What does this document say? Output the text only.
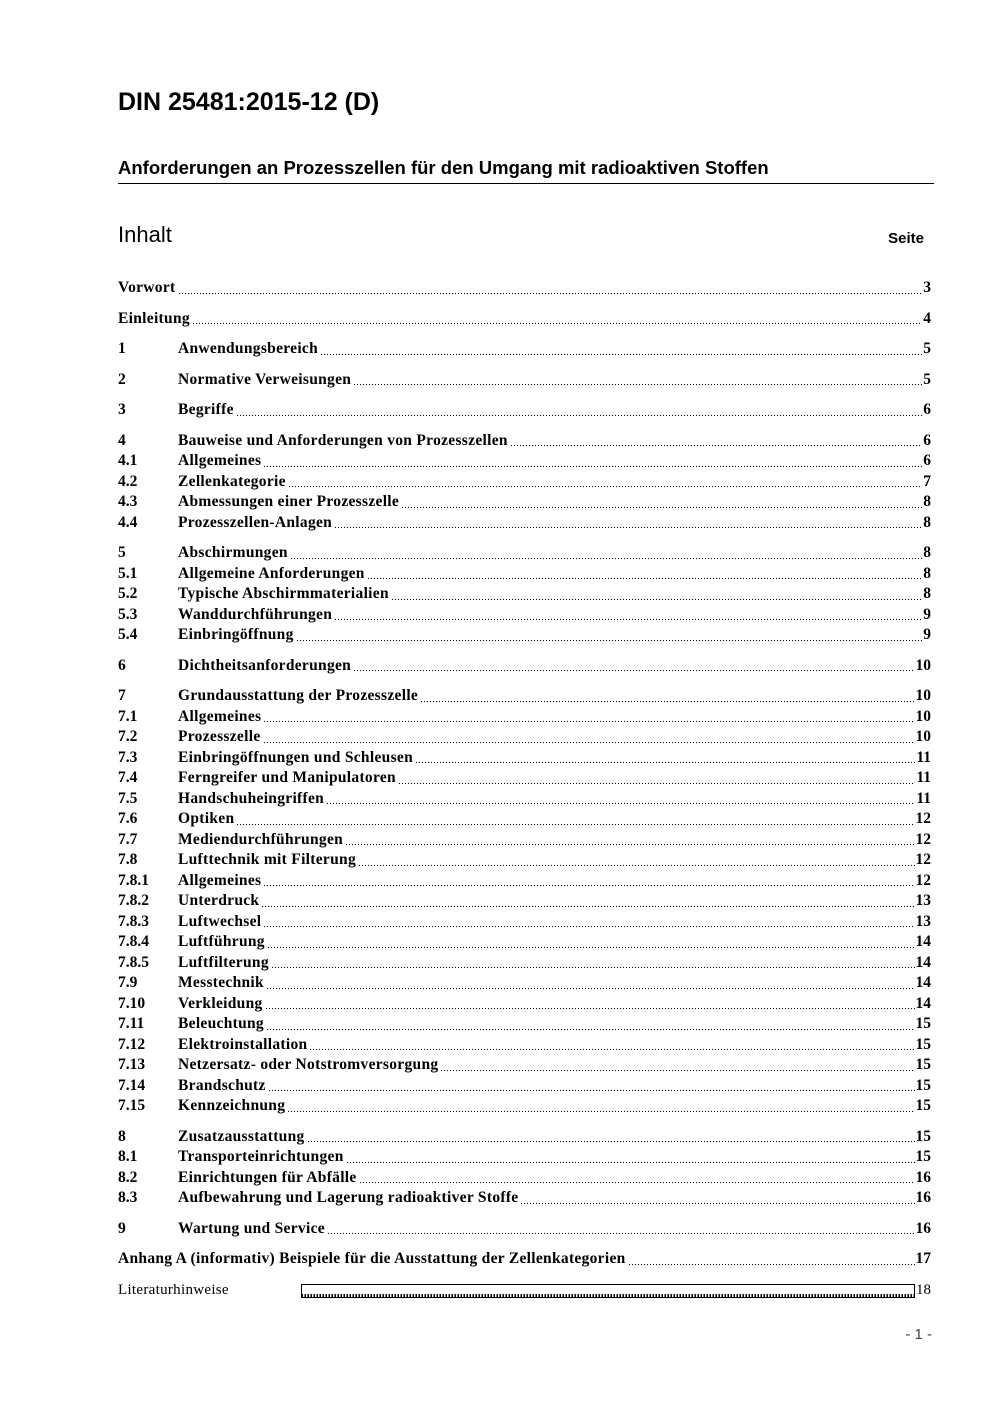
DIN 25481:2015-12 (D)
Anforderungen an Prozesszellen für den Umgang mit radioaktiven Stoffen
Inhalt	Seite
Vorwort	3
Einleitung	4
1	Anwendungsbereich	5
2	Normative Verweisungen	5
3	Begriffe	6
4	Bauweise und Anforderungen von Prozesszellen	6
4.1	Allgemeines	6
4.2	Zellenkategorie	7
4.3	Abmessungen einer Prozesszelle	8
4.4	Prozesszellen-Anlagen	8
5	Abschirmungen	8
5.1	Allgemeine Anforderungen	8
5.2	Typische Abschirmmaterialien	8
5.3	Wanddurchführungen	9
5.4	Einbringöffnung	9
6	Dichtheitsanforderungen	10
7	Grundausstattung der Prozesszelle	10
7.1	Allgemeines	10
7.2	Prozesszelle	10
7.3	Einbringöffnungen und Schleusen	11
7.4	Ferngreifer und Manipulatoren	11
7.5	Handschuheingriffen	11
7.6	Optiken	12
7.7	Mediendurchführungen	12
7.8	Lufttechnik mit Filterung	12
7.8.1	Allgemeines	12
7.8.2	Unterdruck	13
7.8.3	Luftwechsel	13
7.8.4	Luftführung	14
7.8.5	Luftfilterung	14
7.9	Messtechnik	14
7.10	Verkleidung	14
7.11	Beleuchtung	15
7.12	Elektroinstallation	15
7.13	Netzersatz- oder Notstromversorgung	15
7.14	Brandschutz	15
7.15	Kennzeichnung	15
8	Zusatzausstattung	15
8.1	Transporteinrichtungen	15
8.2	Einrichtungen für Abfälle	16
8.3	Aufbewahrung und Lagerung radioaktiver Stoffe	16
9	Wartung und Service	16
Anhang A (informativ) Beispiele für die Ausstattung der Zellenkategorien	17
Literaturhinweise	18
- 1 -
